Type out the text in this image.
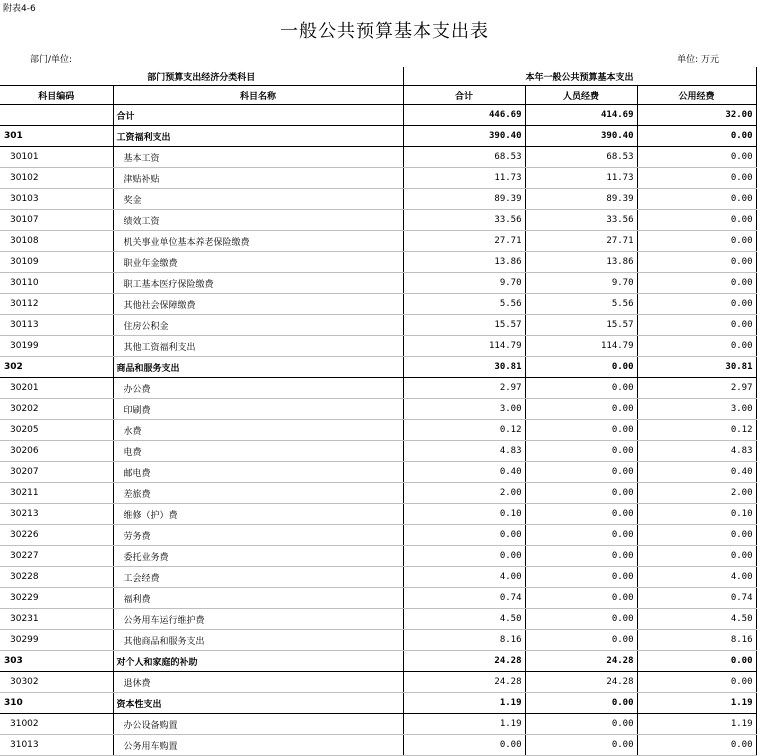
附表4-6
一般公共预算基本支出表
部门/单位:	单位: 万元
部门预算支出经济分类科目		本年一般公共预算基本支出		
科目编码	科目名称	合计	人员经费	公用经费
	合计	446.69	414.69	32.00
301	工资福利支出	390.40	390.40	0.00
30101	基本工资	68.53	68.53	0.00
30102	津贴补贴	11.73	11.73	0.00
30103	奖金	89.39	89.39	0.00
30107	绩效工资	33.56	33.56	0.00
30108	机关事业单位基本养老保险缴费	27.71	27.71	0.00
30109	职业年金缴费	13.86	13.86	0.00
30110	职工基本医疗保险缴费	9.70	9.70	0.00
30112	其他社会保障缴费	5.56	5.56	0.00
30113	住房公积金	15.57	15.57	0.00
30199	其他工资福利支出	114.79	114.79	0.00
302	商品和服务支出	30.81	0.00	30.81
30201	办公费	2.97	0.00	2.97
30202	印刷费	3.00	0.00	3.00
30205	水费	0.12	0.00	0.12
30206	电费	4.83	0.00	4.83
30207	邮电费	0.40	0.00	0.40
30211	差旅费	2.00	0.00	2.00
30213	维修（护）费	0.10	0.00	0.10
30226	劳务费	0.00	0.00	0.00
30227	委托业务费	0.00	0.00	0.00
30228	工会经费	4.00	0.00	4.00
30229	福利费	0.74	0.00	0.74
30231	公务用车运行维护费	4.50	0.00	4.50
30299	其他商品和服务支出	8.16	0.00	8.16
303	对个人和家庭的补助	24.28	24.28	0.00
30302	退休费	24.28	24.28	0.00
310	资本性支出	1.19	0.00	1.19
31002	办公设备购置	1.19	0.00	1.19
31013	公务用车购置	0.00	0.00	0.00
